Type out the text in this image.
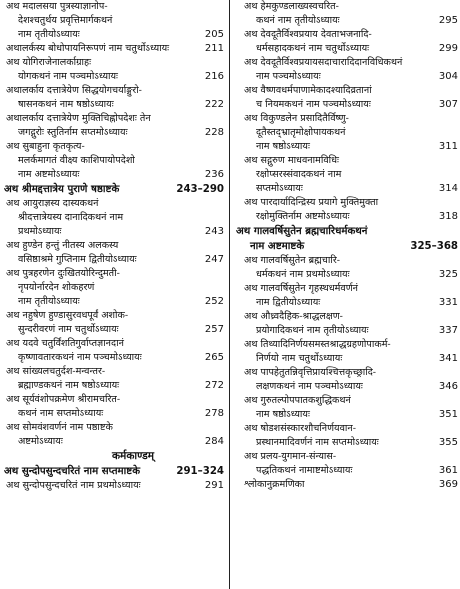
अथ मदालसया पुत्रस्याज्ञानोप-
देशश्चतुर्थय प्रवृत्तिमार्गकथनं
नाम तृतीयोऽध्यायः	205
अथालर्कस्य बोधोपायनिरूपणं नाम चतुर्थोऽध्यायः	211
अथ योगिराजेनालर्काग्राहः
योगकथनं नाम पञ्चमोऽध्यायः	216
अथालर्काय दत्तात्रेयेण सिद्धयोगचर्याङ्गुरो-
षासनकथनं नाम षष्ठोऽध्यायः	222
अथालर्काय दत्तात्रेयेण मुक्तिचिह्नोपदेशः तेन
जगद्गुरोः स्तुतिर्नाम सप्तमोऽध्यायः	228
अथ सुबाहुना कृतकृत्य-
मलर्कमागतं वीक्ष्य काशिपायोपदेशो
नाम अष्टमोऽध्यायः	236
अथ श्रीमद्दत्तात्रेय पुराणे षष्ठाष्टके	243–290
अथ आयुराज्ञस्य दास्यकथनं
श्रीदत्तात्रेयस्य दानादिकथनं नाम
प्रथमोऽध्यायः	243
अथ हुण्डेन हन्तुं नीतस्य अलकस्य
वसिष्ठाश्रमे गुप्तिनाम द्वितीयोऽध्यायः	247
अथ पुत्रहरणेन दुःखितयोरिन्दुमती-
नृपयोर्नारदेन शोकहरणं
नाम तृतीयोऽध्यायः	252
अथ नहुषेण हुण्डासुरवधपूर्वं अशोक-
सुन्दरीवरणं नाम चतुर्थोऽध्यायः	257
अथ यदवे चतुर्विंशतिगुर्वाप्तज्ञानदानं
कृष्णावतारकथनं नाम पञ्चमोऽध्यायः	265
अथ सांख्यलचतुर्दश-मन्वन्तर-
ब्रह्माण्डकथनं नाम षष्ठोऽध्यायः	272
अथ सूर्यवंशोपक्रमेण श्रीरामचरित-
कथनं नाम सप्तमोऽध्यायः	278
अथ सोमवंशवर्णनं नाम पष्ठाष्टके
अष्टमोऽध्यायः	284
कर्मकाण्डम्
अथ सुन्दोपसुन्दचरितं नाम सप्तमाष्टके	291–324
अथ सुन्दोपसुन्दचरितं नाम प्रथमोऽध्यायः	291
अथ हेमकुण्डलाख्यस्वचरित-
कथनं नाम तृतीयोऽध्यायः	295
अथ देवदूतैर्विश्वप्रयाय देवताभजनादि-
धर्मसहादकथनं नाम चतुर्थोऽध्यायः	299
अथ देवदूतैर्विश्वप्रयायसदाचारादिदानविधिकथनं
नाम पञ्चमोऽध्यायः	304
अथ वैष्णवधर्मपाणामेकादश्यादिव्रतानां
च नियमकथनं नाम पञ्चमोऽध्यायः	307
अथ विकुण्डलेन प्रसादितैर्विष्णु-
दूतैस्तद्भ्रातृमोक्षोपायकथनं
नाम षष्ठोऽध्यायः	311
अथ सद्गुरुण माधवनामविधिः
रक्षोप्सरस्संवादकथनं नाम
सप्तमोऽध्यायः	314
अथ पारदार्यादिन्द्रिस्य प्रयागे मुक्तिमुक्ता
रक्षोमुक्तिर्नाम अष्टमोऽध्यायः	318
अथ गालवर्षिसुतेन ब्रह्मचारिधर्मकथनं
नाम अष्टमाष्टके	325–368
अथ गालवर्षिसुतेन ब्रह्मचारि-
धर्मकथनं नाम प्रथमोऽध्यायः	325
अथ गालवर्षिसुतेन गृहस्थधर्मवर्णनं
नाम द्वितीयोऽध्यायः	331
अथ औध्र्वदैहिक-श्राद्धलक्षण-
प्रयोगादिकथनं नाम तृतीयोऽध्यायः	337
अथ तिथ्यादिनिर्णयसमस्तश्राद्धग्रहणोपाकर्म-
निर्णयो नाम चतुर्थोऽध्यायः	341
अथ पापहेतुतन्निवृत्तिप्रायश्चित्तकृच्छ्रादि-
लक्षणकथनं नाम पञ्चमोऽध्यायः	346
अथ गुरुतल्पोपपातकशुद्धिकथनं
नाम षष्ठोऽध्यायः	351
अथ षोडशसंस्कारशौचनिर्णयवान-
प्रस्थानमादिवर्णनं नाम सप्तमोऽध्यायः	355
अथ प्रलय-युगमान-संन्यास-
पद्धतिकथनं नामाष्टमोऽध्यायः	361
श्लोकानुक्रमणिका	369
